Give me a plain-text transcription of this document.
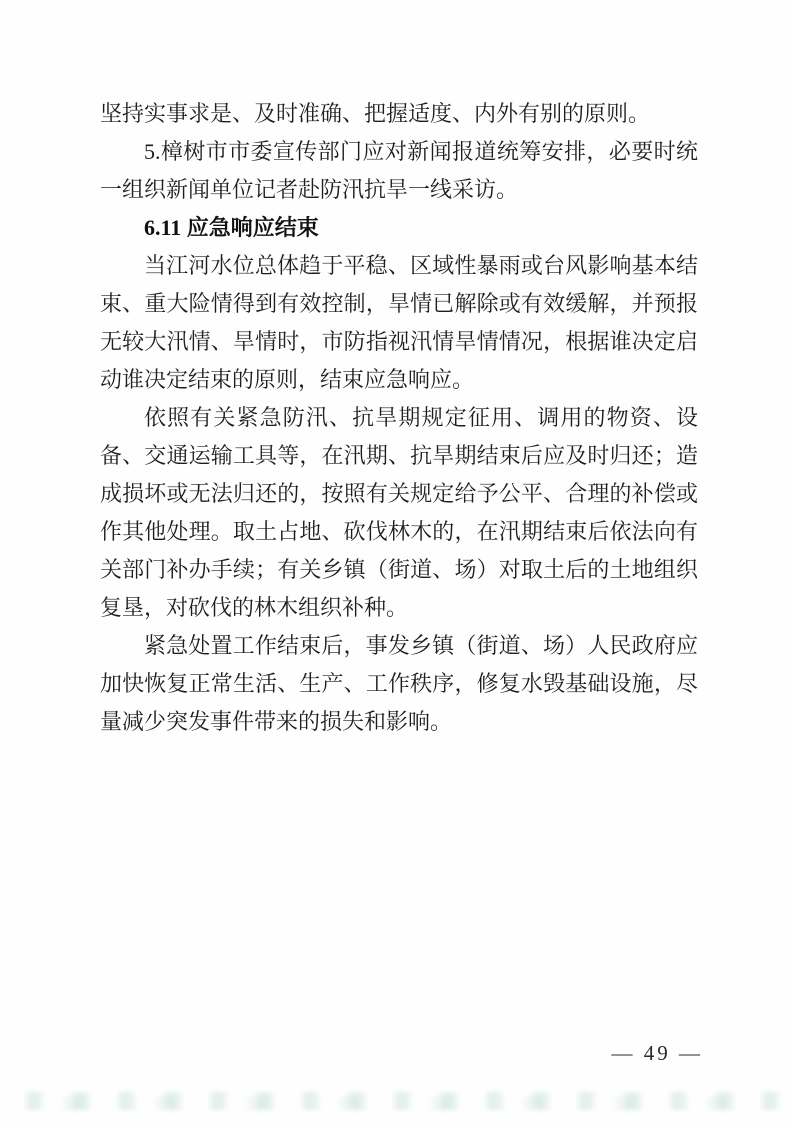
坚持实事求是、及时准确、把握适度、内外有别的原则。

5.樟树市市委宣传部门应对新闻报道统筹安排，必要时统一组织新闻单位记者赴防汛抗旱一线采访。

6.11 应急响应结束

当江河水位总体趋于平稳、区域性暴雨或台风影响基本结束、重大险情得到有效控制，旱情已解除或有效缓解，并预报无较大汛情、旱情时，市防指视汛情旱情情况，根据谁决定启动谁决定结束的原则，结束应急响应。

依照有关紧急防汛、抗旱期规定征用、调用的物资、设备、交通运输工具等，在汛期、抗旱期结束后应及时归还；造成损坏或无法归还的，按照有关规定给予公平、合理的补偿或作其他处理。取土占地、砍伐林木的，在汛期结束后依法向有关部门补办手续；有关乡镇（街道、场）对取土后的土地组织复垦，对砍伐的林木组织补种。

紧急处置工作结束后，事发乡镇（街道、场）人民政府应加快恢复正常生活、生产、工作秩序，修复水毁基础设施，尽量减少突发事件带来的损失和影响。

— 49 —
